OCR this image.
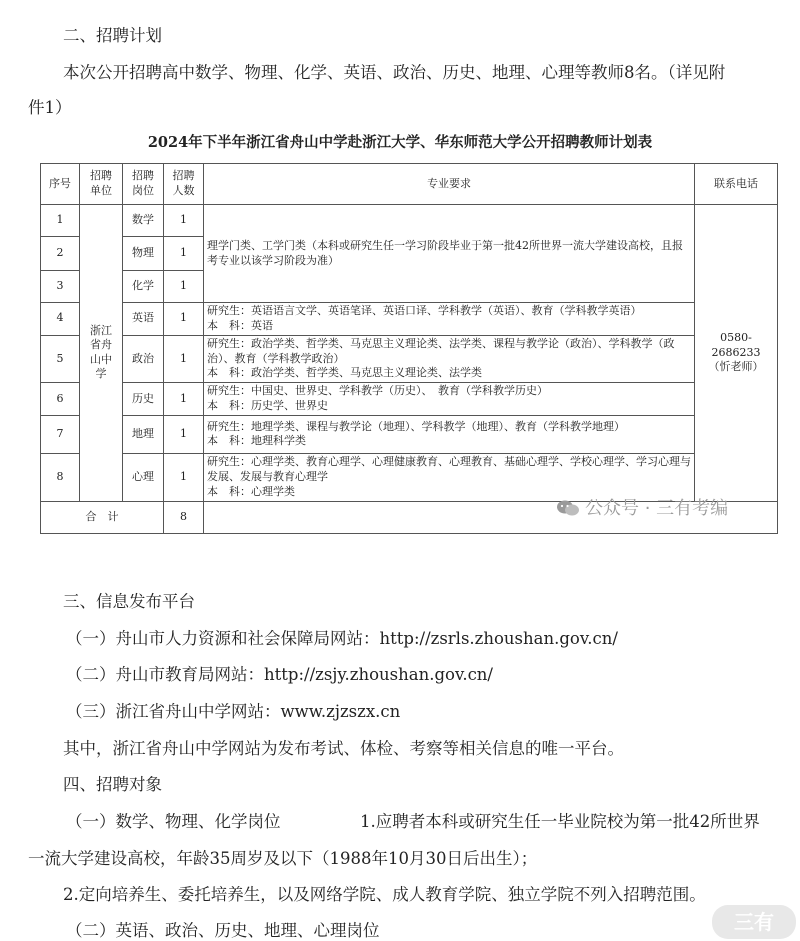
二、招聘计划
本次公开招聘高中数学、物理、化学、英语、政治、历史、地理、心理等教师8名。（详见附
件1）
2024年下半年浙江省舟山中学赴浙江大学、华东师范大学公开招聘教师计划表
序号	招聘单位	招聘岗位	招聘人数	专业要求	联系电话
1	浙江省舟山中学	数学	1	理学门类、工学门类（本科或研究生任一学习阶段毕业于第一批42所世界一流大学建设高校，且报考专业以该学习阶段为准）	0580-2686233
（忻老师）

2		物理	1		
3		化学	1		
4		英语	1	研究生：英语语言文学、英语笔译、英语口译、学科教学（英语）、教育（学科教学英语）
本　科：英语	

5		政治	1	研究生：政治学类、哲学类、马克思主义理论类、法学类、课程与教学论（政治）、学科教学（政治）、教育（学科教学政治）
本　科：政治学类、哲学类、马克思主义理论类、法学类	

6		历史	1	研究生：中国史、世界史、学科教学（历史）、　教育（学科教学历史）
本　科：历史学、世界史	

7		地理	1	研究生：地理学类、课程与教学论（地理）、学科教学（地理）、教育（学科教学地理）
本　科：地理科学类	

8		心理	1	研究生：心理学类、教育心理学、心理健康教育、心理教育、基础心理学、学校心理学、学习心理与发展、发展与教育心理学
本　科：心理学类	

合　计			8			公众号 · 三有考编
三、信息发布平台
（一）舟山市人力资源和社会保障局网站：http://zsrls.zhoushan.gov.cn/
（二）舟山市教育局网站：http://zsjy.zhoushan.gov.cn/
（三）浙江省舟山中学网站：www.zjzszx.cn
其中，浙江省舟山中学网站为发布考试、体检、考察等相关信息的唯一平台。
四、招聘对象
（一）数学、物理、化学岗位	1.应聘者本科或研究生任一毕业院校为第一批42所世界
一流大学建设高校，年龄35周岁及以下（1988年10月30日后出生）；
2.定向培养生、委托培养生，以及网络学院、成人教育学院、独立学院不列入招聘范围。
（二）英语、政治、历史、地理、心理岗位	三有
